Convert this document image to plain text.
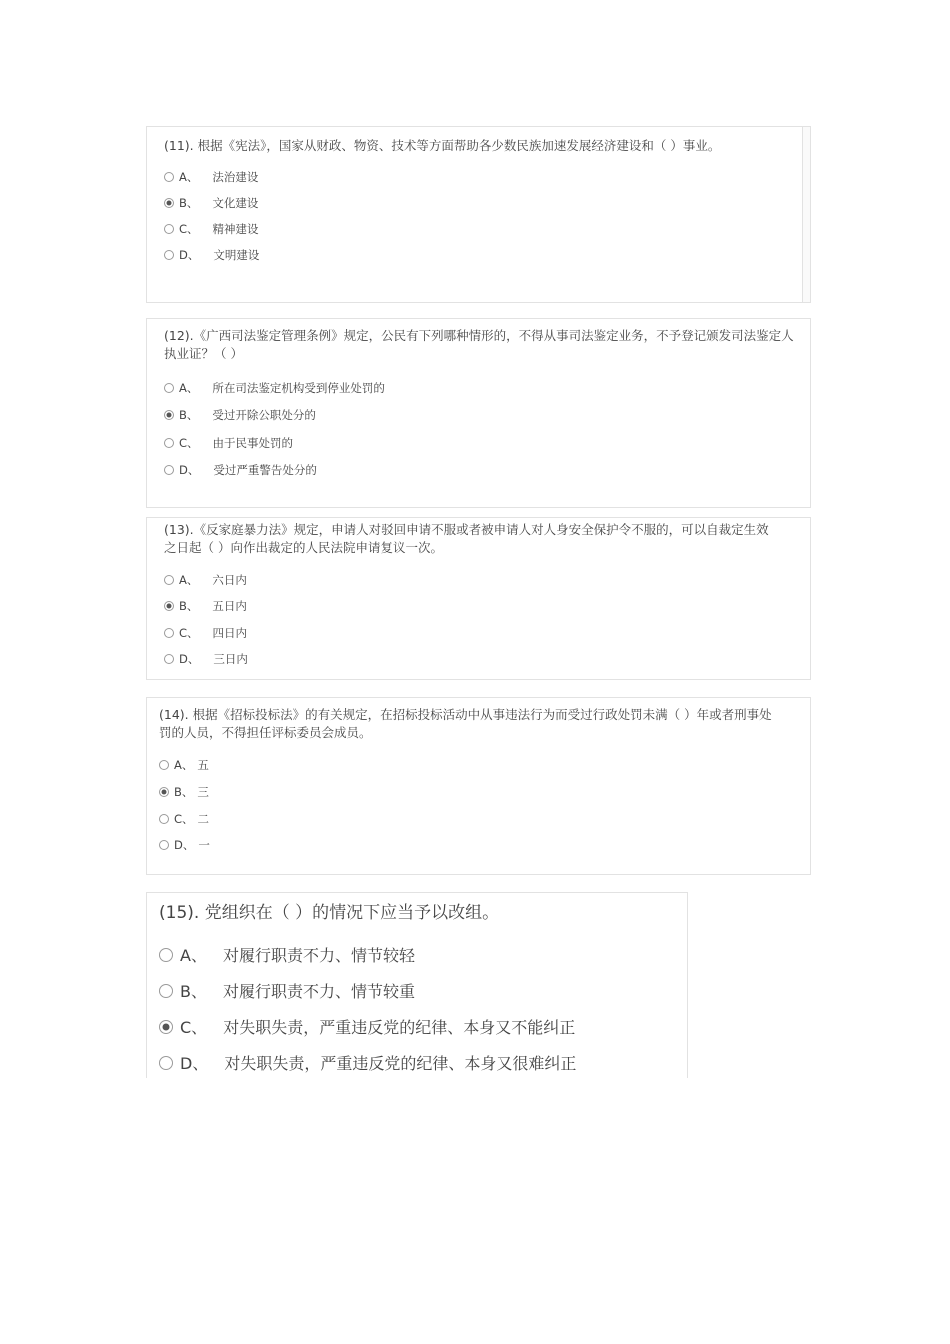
(11). 根据《宪法》，国家从财政、物资、技术等方面帮助各少数民族加速发展经济建设和（ ）事业。
A、 法治建设
B、 文化建设
C、 精神建设
D、 文明建设
(12).《广西司法鉴定管理条例》规定，公民有下列哪种情形的，不得从事司法鉴定业务，不予登记颁发司法鉴定人执业证？（ ）
A、 所在司法鉴定机构受到停业处罚的
B、 受过开除公职处分的
C、 由于民事处罚的
D、 受过严重警告处分的
(13).《反家庭暴力法》规定，申请人对驳回申请不服或者被申请人对人身安全保护令不服的，可以自裁定生效之日起（ ）向作出裁定的人民法院申请复议一次。
A、 六日内
B、 五日内
C、 四日内
D、 三日内
(14). 根据《招标投标法》的有关规定，在招标投标活动中从事违法行为而受过行政处罚未满（ ）年或者刑事处罚的人员，不得担任评标委员会成员。
A、 五
B、 三
C、 二
D、 一
(15). 党组织在（ ）的情况下应当予以改组。
A、 对履行职责不力、情节较轻
B、 对履行职责不力、情节较重
C、 对失职失责，严重违反党的纪律、本身又不能纠正
D、 对失职失责，严重违反党的纪律、本身又很难纠正
